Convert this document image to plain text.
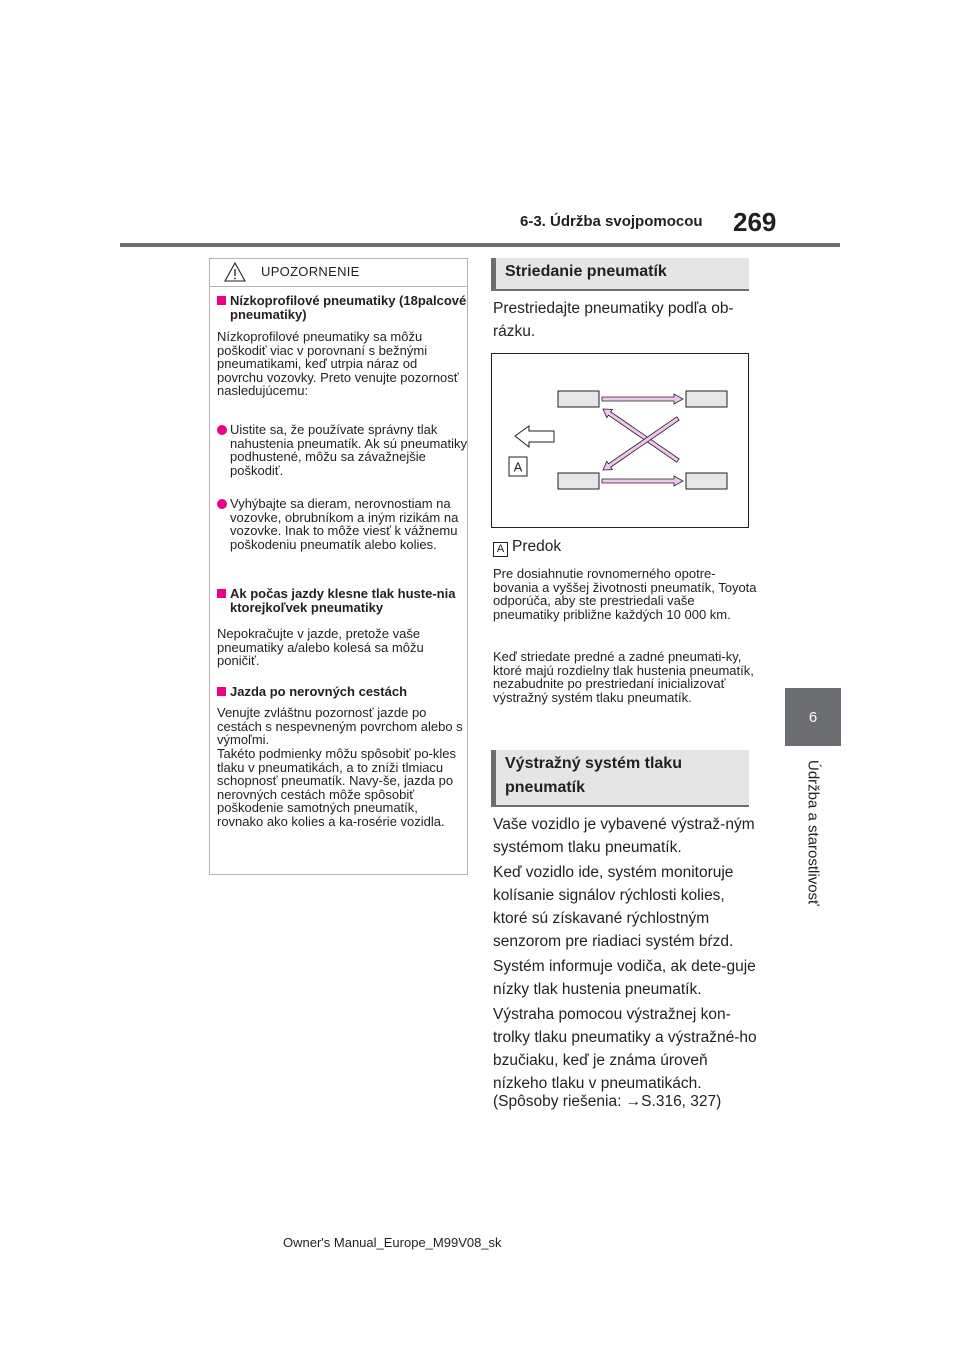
6-3. Údržba svojpomocou 269
6
Údržba a starostlivosť
UPOZORNENIE
Nízkoprofilové pneumatiky (18palcové pneumatiky)
Nízkoprofilové pneumatiky sa môžu poškodiť viac v porovnaní s bežnými pneumatikami, keď utrpia náraz od povrchu vozovky. Preto venujte pozornosť nasledujúcemu:
Uistite sa, že používate správny tlak nahustenia pneumatík. Ak sú pneumatiky podhustené, môžu sa závažnejšie poškodiť.
Vyhýbajte sa dieram, nerovnostiam na vozovke, obrubníkom a iným rizikám na vozovke. Inak to môže viesť k vážnemu poškodeniu pneumatík alebo kolies.
Ak počas jazdy klesne tlak huste-nia ktorejkoľvek pneumatiky
Nepokračujte v jazde, pretože vaše pneumatiky a/alebo kolesá sa môžu poničiť.
Jazda po nerovných cestách
Venujte zvláštnu pozornosť jazde po cestách s nespevneným povrchom alebo s výmoľmi.
Takéto podmienky môžu spôsobiť po-kles tlaku v pneumatikách, a to zníži tlmiacu schopnosť pneumatík. Navy-še, jazda po nerovných cestách môže spôsobiť poškodenie samotných pneumatík, rovnako ako kolies a ka-rosérie vozidla.
Striedanie pneumatík
Prestriedajte pneumatiky podľa ob-rázku.
A
A Predok
Pre dosiahnutie rovnomerného opotre-bovania a vyššej životnosti pneumatík, Toyota odporúča, aby ste prestriedali vaše pneumatiky približne každých 10 000 km.
Keď striedate predné a zadné pneumati-ky, ktoré majú rozdielny tlak hustenia pneumatík, nezabudnite po prestriedaní inicializovať výstražný systém tlaku pneumatík.
Výstražný systém tlaku
pneumatík
Vaše vozidlo je vybavené výstraž-ným systémom tlaku pneumatík.
Keď vozidlo ide, systém monitoruje kolísanie signálov rýchlosti kolies, ktoré sú získavané rýchlostným senzorom pre riadiaci systém bŕzd.
Systém informuje vodiča, ak dete-guje nízky tlak hustenia pneumatík.
Výstraha pomocou výstražnej kon-trolky tlaku pneumatiky a výstražné-ho bzučiaku, keď je známa úroveň nízkeho tlaku v pneumatikách.
(Spôsoby riešenia: →S.316, 327)
Owner's Manual_Europe_M99V08_sk
